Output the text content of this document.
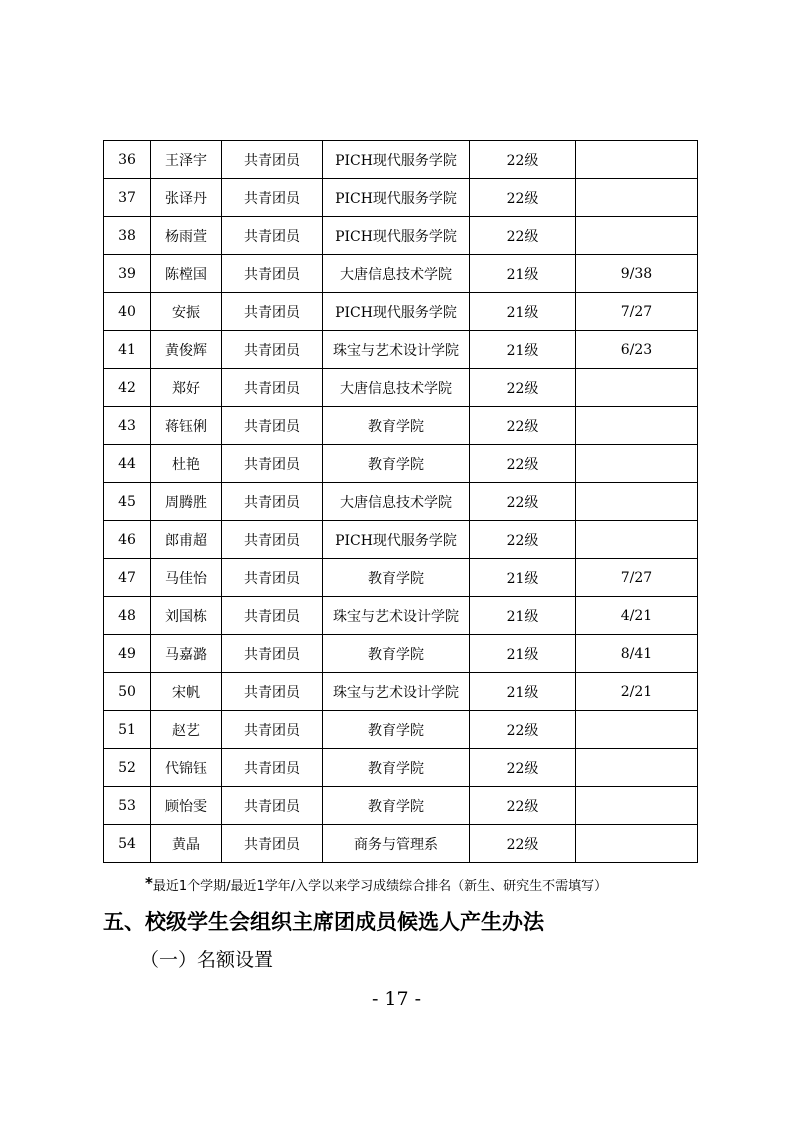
36	王泽宇	共青团员	PICH现代服务学院	22级	
37	张译丹	共青团员	PICH现代服务学院	22级	
38	杨雨萱	共青团员	PICH现代服务学院	22级	
39	陈樘国	共青团员	大唐信息技术学院	21级	9/38
40	安振	共青团员	PICH现代服务学院	21级	7/27
41	黄俊辉	共青团员	珠宝与艺术设计学院	21级	6/23
42	郑好	共青团员	大唐信息技术学院	22级	
43	蒋钰俐	共青团员	教育学院	22级	
44	杜艳	共青团员	教育学院	22级	
45	周腾胜	共青团员	大唐信息技术学院	22级	
46	郎甫超	共青团员	PICH现代服务学院	22级	
47	马佳怡	共青团员	教育学院	21级	7/27
48	刘国栋	共青团员	珠宝与艺术设计学院	21级	4/21
49	马嘉潞	共青团员	教育学院	21级	8/41
50	宋帆	共青团员	珠宝与艺术设计学院	21级	2/21
51	赵艺	共青团员	教育学院	22级	
52	代锦钰	共青团员	教育学院	22级	
53	顾怡雯	共青团员	教育学院	22级	
54	黄晶	共青团员	商务与管理系	22级	
*最近1个学期/最近1学年/入学以来学习成绩综合排名（新生、研究生不需填写）
五、校级学生会组织主席团成员候选人产生办法
（一）名额设置
- 17 -
